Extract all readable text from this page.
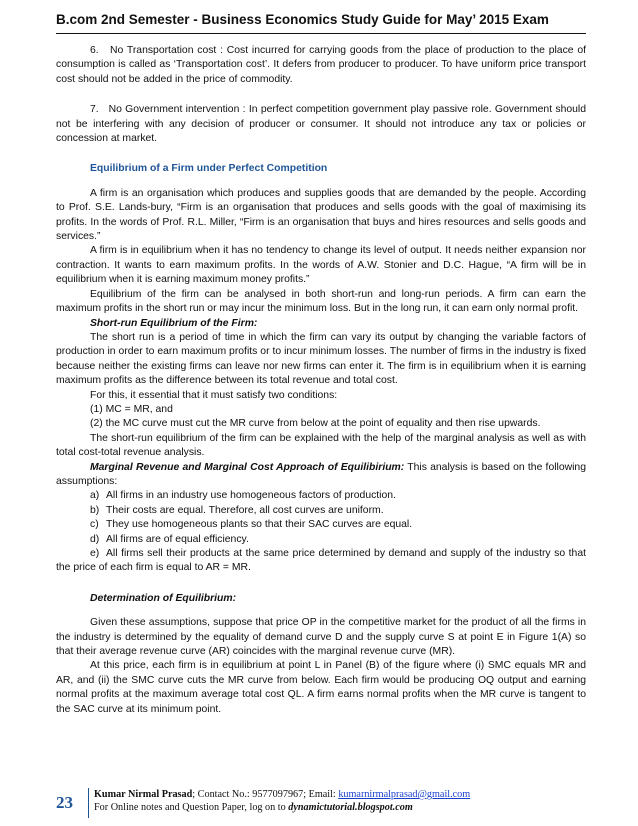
B.com 2nd Semester - Business Economics Study Guide for May’ 2015 Exam

6.   No Transportation cost : Cost incurred for carrying goods from the place of production to the place of consumption is called as ‘Transportation cost’. It defers from producer to producer. To have uniform price transport cost should not be added in the price of commodity.

7.   No Government intervention : In perfect competition government play passive role. Government should not be interfering with any decision of producer or consumer. It should not introduce any tax or policies or concession at market.

Equilibrium of a Firm under Perfect Competition

A firm is an organisation which produces and supplies goods that are demanded by the people. According to Prof. S.E. Lands-bury, “Firm is an organisation that produces and sells goods with the goal of maximising its profits. In the words of Prof. R.L. Miller, “Firm is an organisation that buys and hires resources and sells goods and services.”

A firm is in equilibrium when it has no tendency to change its level of output. It needs neither expansion nor contraction. It wants to earn maximum profits. In the words of A.W. Stonier and D.C. Hague, “A firm will be in equilibrium when it is earning maximum money profits.”

Equilibrium of the firm can be analysed in both short-run and long-run periods. A firm can earn the maximum profits in the short run or may incur the minimum loss. But in the long run, it can earn only normal profit.

Short-run Equilibrium of the Firm:

The short run is a period of time in which the firm can vary its output by changing the variable factors of production in order to earn maximum profits or to incur minimum losses. The number of firms in the industry is fixed because neither the existing firms can leave nor new firms can enter it. The firm is in equilibrium when it is earning maximum profits as the difference between its total revenue and total cost.

For this, it essential that it must satisfy two conditions:

(1) MC = MR, and

(2) the MC curve must cut the MR curve from below at the point of equality and then rise upwards.

The short-run equilibrium of the firm can be explained with the help of the marginal analysis as well as with total cost-total revenue analysis.

Marginal Revenue and Marginal Cost Approach of Equilibirium: This analysis is based on the following assumptions:

a) All firms in an industry use homogeneous factors of production.
b) Their costs are equal. Therefore, all cost curves are uniform.
c) They use homogeneous plants so that their SAC curves are equal.
d) All firms are of equal efficiency.
e) All firms sell their products at the same price determined by demand and supply of the industry so that the price of each firm is equal to AR = MR.

Determination of Equilibrium:

Given these assumptions, suppose that price OP in the competitive market for the product of all the firms in the industry is determined by the equality of demand curve D and the supply curve S at point E in Figure 1(A) so that their average revenue curve (AR) coincides with the marginal revenue curve (MR).

At this price, each firm is in equilibrium at point L in Panel (B) of the figure where (i) SMC equals MR and AR, and (ii) the SMC curve cuts the MR curve from below. Each firm would be producing OQ output and earning normal profits at the maximum average total cost QL. A firm earns normal profits when the MR curve is tangent to the SAC curve at its minimum point.

23	Kumar Nirmal Prasad; Contact No.: 9577097967; Email: kumarnirmalprasad@gmail.com
For Online notes and Question Paper, log on to dynamictutorial.blogspot.com
